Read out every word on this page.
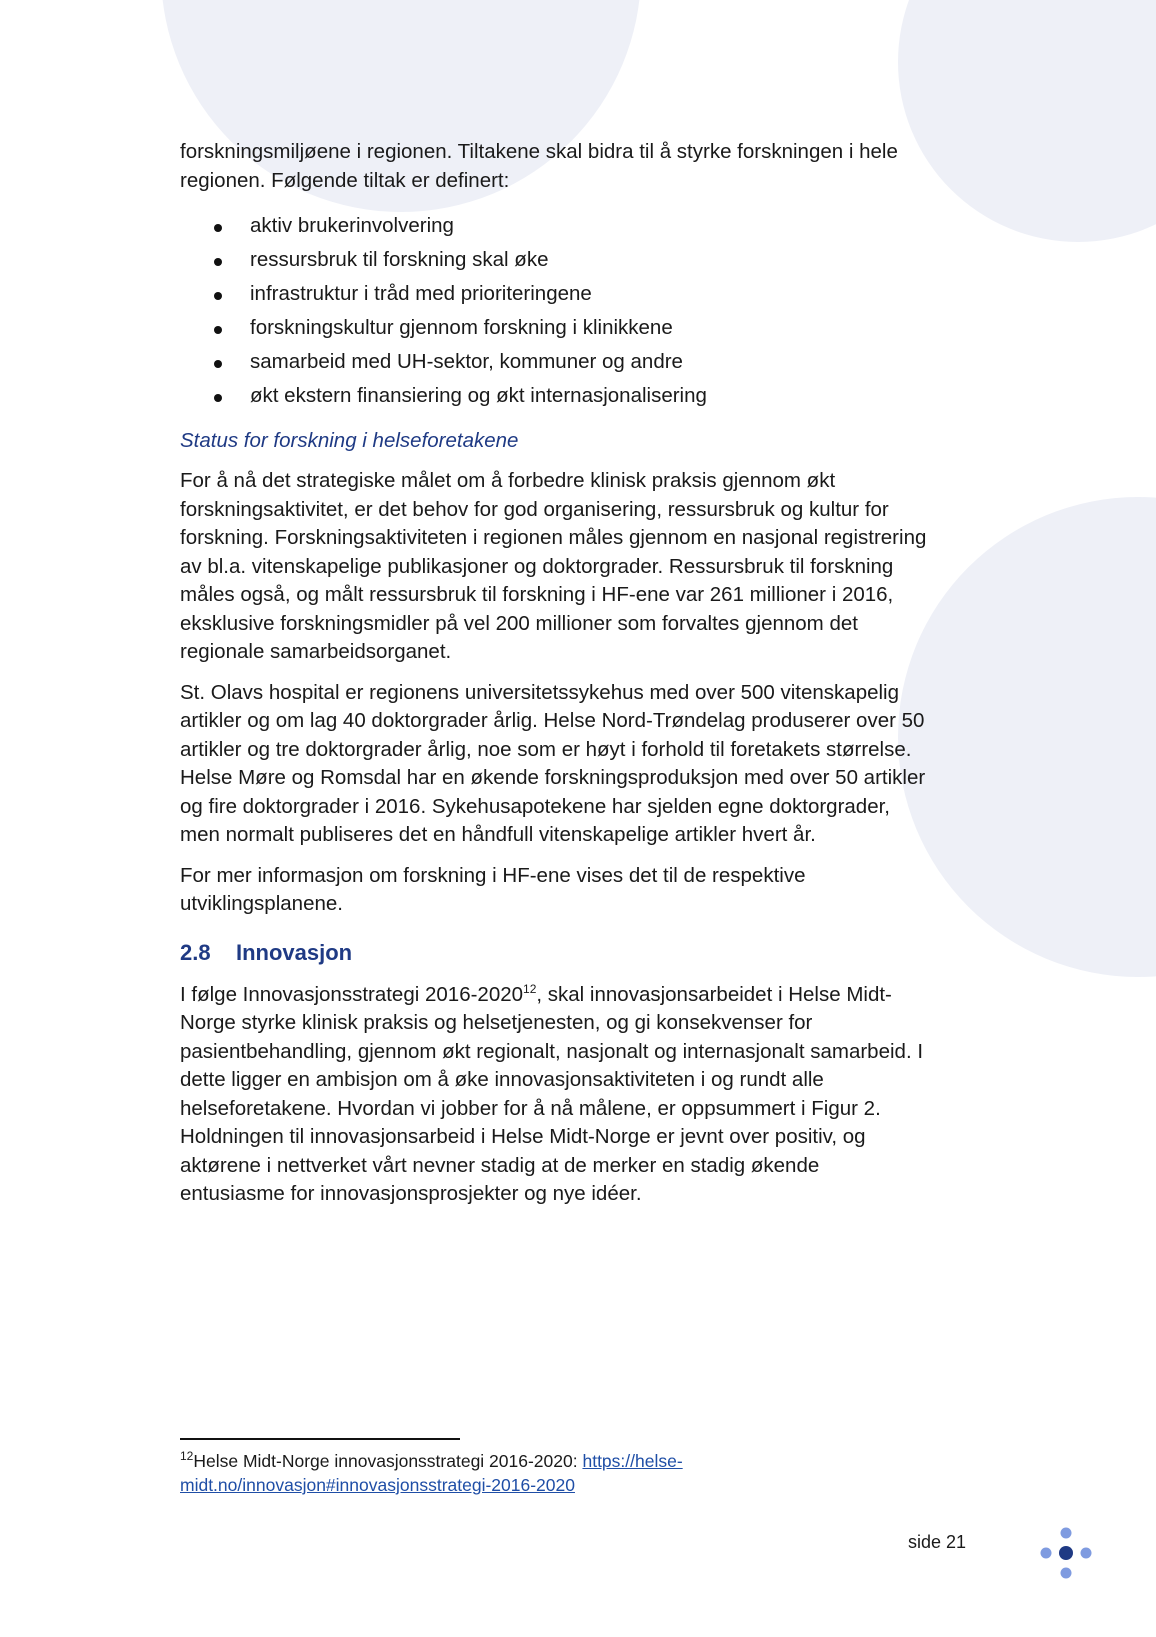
forskningsmiljøene i regionen. Tiltakene skal bidra til å styrke forskningen i hele
regionen. Følgende tiltak er definert:

aktiv brukerinvolvering
ressursbruk til forskning skal øke
infrastruktur i tråd med prioriteringene
forskningskultur gjennom forskning i klinikkene
samarbeid med UH-sektor, kommuner og andre
økt ekstern finansiering og økt internasjonalisering
Status for forskning i helseforetakene

For å nå det strategiske målet om å forbedre klinisk praksis gjennom økt
forskningsaktivitet, er det behov for god organisering, ressursbruk og kultur for
forskning. Forskningsaktiviteten i regionen måles gjennom en nasjonal registrering
av bl.a. vitenskapelige publikasjoner og doktorgrader. Ressursbruk til forskning
måles også, og målt ressursbruk til forskning i HF-ene var 261 millioner i 2016,
eksklusive forskningsmidler på vel 200 millioner som forvaltes gjennom det
regionale samarbeidsorganet.

St. Olavs hospital er regionens universitetssykehus med over 500 vitenskapelig
artikler og om lag 40 doktorgrader årlig. Helse Nord-Trøndelag produserer over 50
artikler og tre doktorgrader årlig, noe som er høyt i forhold til foretakets størrelse.
Helse Møre og Romsdal har en økende forskningsproduksjon med over 50 artikler
og fire doktorgrader i 2016. Sykehusapotekene har sjelden egne doktorgrader,
men normalt publiseres det en håndfull vitenskapelige artikler hvert år.

For mer informasjon om forskning i HF-ene vises det til de respektive
utviklingsplanene.

2.8 Innovasjon

I følge Innovasjonsstrategi 2016-2020$^{12}$, skal innovasjonsarbeidet i Helse Midt-
Norge styrke klinisk praksis og helsetjenesten, og gi konsekvenser for
pasientbehandling, gjennom økt regionalt, nasjonalt og internasjonalt samarbeid. I
dette ligger en ambisjon om å øke innovasjonsaktiviteten i og rundt alle
helseforetakene. Hvordan vi jobber for å nå målene, er oppsummert i Figur 2.
Holdningen til innovasjonsarbeid i Helse Midt-Norge er jevnt over positiv, og
aktørene i nettverket vårt nevner stadig at de merker en stadig økende
entusiasme for innovasjonsprosjekter og nye idéer.

$^{12}$Helse Midt-Norge innovasjonsstrategi 2016-2020: https://helse-
midt.no/innovasjon#innovasjonsstrategi-2016-2020
side 21
